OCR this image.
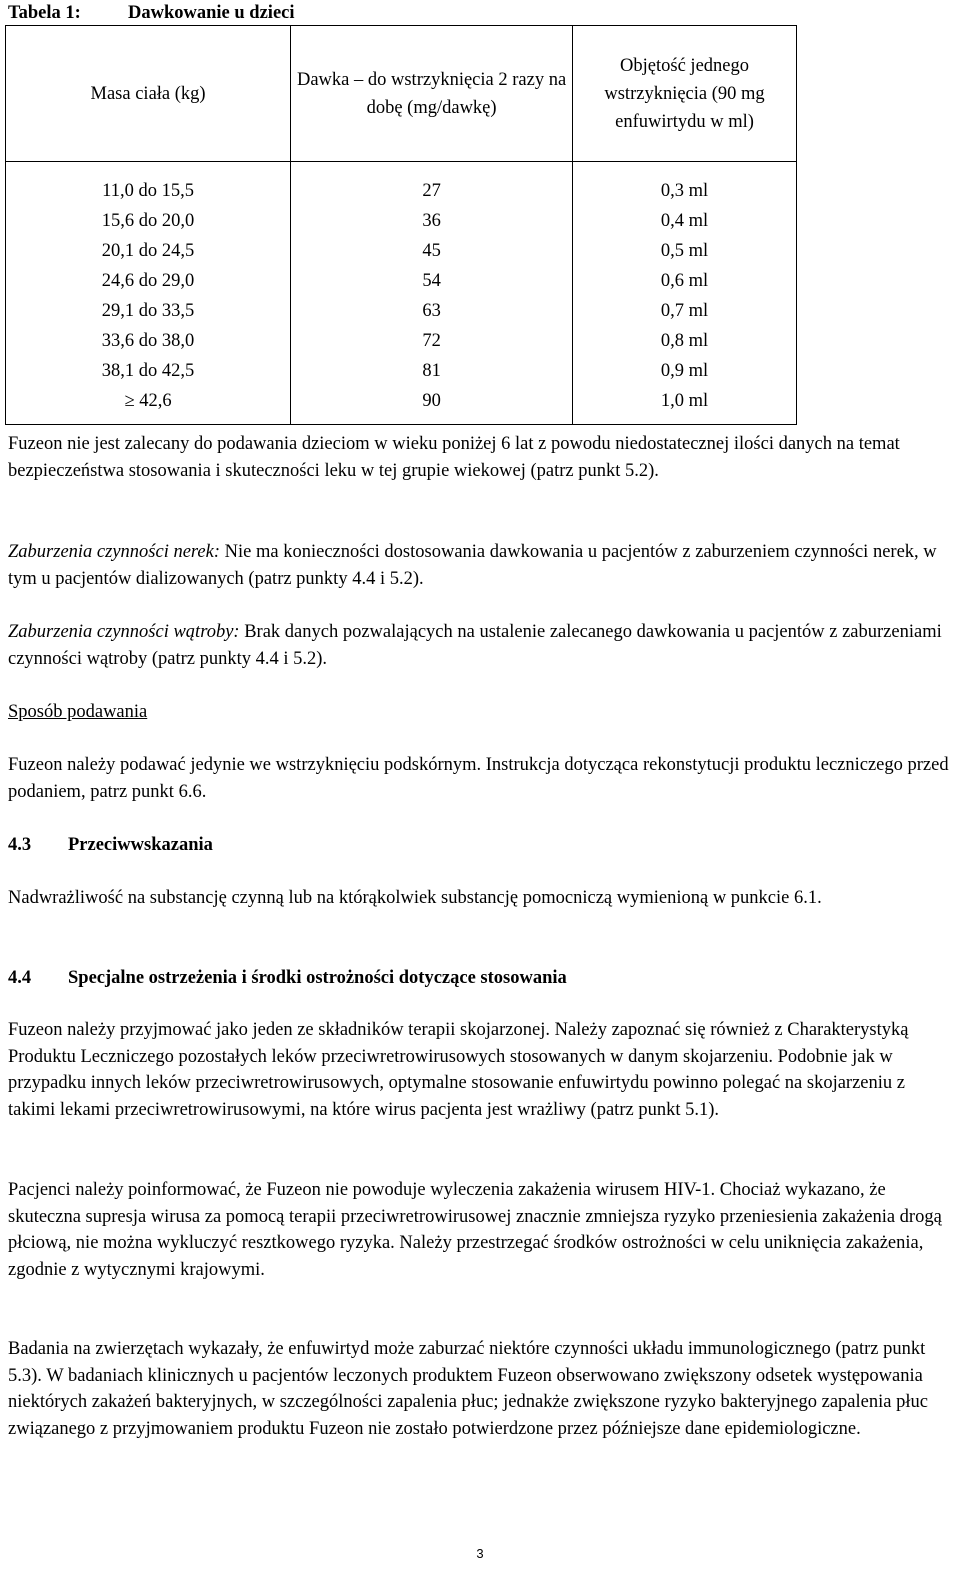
Tabela 1:	Dawkowanie u dzieci
Masa ciała (kg)	Dawka – do wstrzyknięcia 2 razy na dobę (mg/dawkę)	Objętość jednego wstrzyknięcia (90 mg enfuwirtydu w ml)

11,0 do 15,5	27	0,3 ml
15,6 do 20,0	36	0,4 ml
20,1 do 24,5	45	0,5 ml
24,6 do 29,0	54	0,6 ml
29,1 do 33,5	63	0,7 ml
33,6 do 38,0	72	0,8 ml
38,1 do 42,5	81	0,9 ml
≥ 42,6	90	1,0 ml

Fuzeon nie jest zalecany do podawania dzieciom w wieku poniżej 6 lat z powodu niedostatecznej ilości danych na temat bezpieczeństwa stosowania i skuteczności leku w tej grupie wiekowej (patrz punkt 5.2).

Zaburzenia czynności nerek: Nie ma konieczności dostosowania dawkowania u pacjentów z zaburzeniem czynności nerek, w tym u pacjentów dializowanych (patrz punkty 4.4 i 5.2).

Zaburzenia czynności wątroby: Brak danych pozwalających na ustalenie zalecanego dawkowania u pacjentów z zaburzeniami czynności wątroby (patrz punkty 4.4 i 5.2).

Sposób podawania

Fuzeon należy podawać jedynie we wstrzyknięciu podskórnym. Instrukcja dotycząca rekonstytucji produktu leczniczego przed podaniem, patrz punkt 6.6.

4.3 Przeciwwskazania

Nadwrażliwość na substancję czynną lub na którąkolwiek substancję pomocniczą wymienioną w punkcie 6.1.

4.4 Specjalne ostrzeżenia i środki ostrożności dotyczące stosowania

Fuzeon należy przyjmować jako jeden ze składników terapii skojarzonej. Należy zapoznać się również z Charakterystyką Produktu Leczniczego pozostałych leków przeciwretrowirusowych stosowanych w danym skojarzeniu. Podobnie jak w przypadku innych leków przeciwretrowirusowych, optymalne stosowanie enfuwirtydu powinno polegać na skojarzeniu z takimi lekami przeciwretrowirusowymi, na które wirus pacjenta jest wrażliwy (patrz punkt 5.1).

Pacjenci należy poinformować, że Fuzeon nie powoduje wyleczenia zakażenia wirusem HIV-1. Chociaż wykazano, że skuteczna supresja wirusa za pomocą terapii przeciwretrowirusowej znacznie zmniejsza ryzyko przeniesienia zakażenia drogą płciową, nie można wykluczyć resztkowego ryzyka. Należy przestrzegać środków ostrożności w celu uniknięcia zakażenia, zgodnie z wytycznymi krajowymi.

Badania na zwierzętach wykazały, że enfuwirtyd może zaburzać niektóre czynności układu immunologicznego (patrz punkt 5.3). W badaniach klinicznych u pacjentów leczonych produktem Fuzeon obserwowano zwiększony odsetek występowania niektórych zakażeń bakteryjnych, w szczególności zapalenia płuc; jednakże zwiększone ryzyko bakteryjnego zapalenia płuc związanego z przyjmowaniem produktu Fuzeon nie zostało potwierdzone przez późniejsze dane epidemiologiczne.

3
